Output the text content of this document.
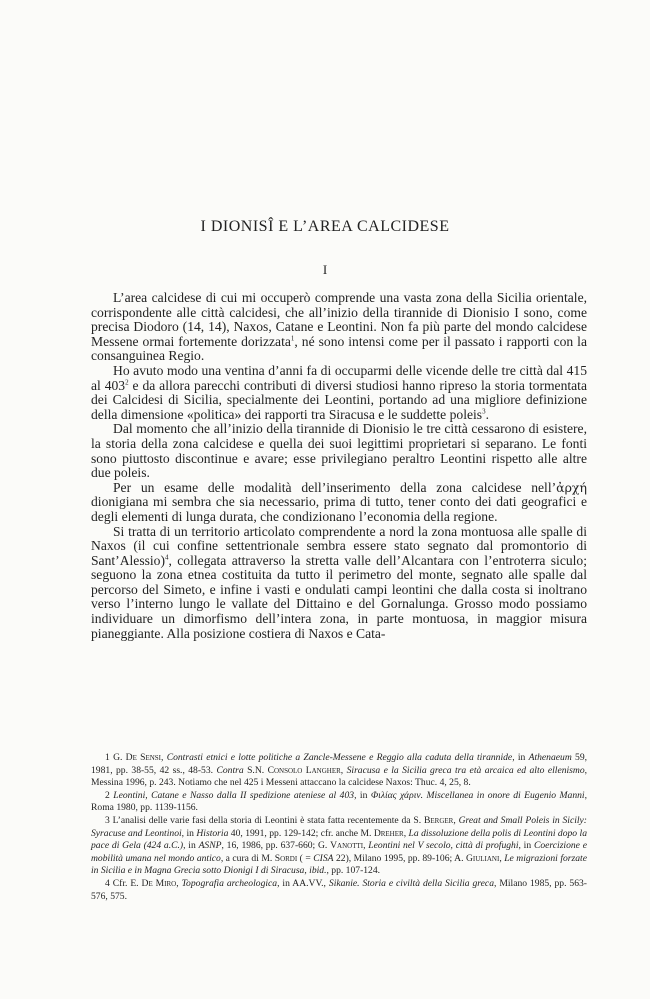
I DIONISÎ E L’AREA CALCIDESE
I

L’area calcidese di cui mi occuperò comprende una vasta zona della Sicilia orientale, corrispondente alle città calcidesi, che all’inizio della tirannide di Dionisio I sono, come precisa Diodoro (14, 14), Naxos, Catane e Leontini. Non fa più parte del mondo calcidese Messene ormai fortemente dorizzata$^1$, né sono intensi come per il passato i rapporti con la consanguinea Regio.

Ho avuto modo una ventina d’anni fa di occuparmi delle vicende delle tre città dal 415 al $403^2$ e da allora parecchi contributi di diversi studiosi hanno ripreso la storia tormentata dei Calcidesi di Sicilia, specialmente dei Leontini, portando ad una migliore definizione della dimensione «politica» dei rapporti tra Siracusa e le suddette poleis$^3$.

Dal momento che all’inizio della tirannide di Dionisio le tre città cessarono di esistere, la storia della zona calcidese e quella dei suoi legittimi proprietari si separano. Le fonti sono piuttosto discontinue e avare; esse privilegiano peraltro Leontini rispetto alle altre due poleis.

Per un esame delle modalità dell’inserimento della zona calcidese nell’ἀρχή dionigiana mi sembra che sia necessario, prima di tutto, tener conto dei dati geografici e degli elementi di lunga durata, che condizionano l’economia della regione.

Si tratta di un territorio articolato comprendente a nord la zona montuosa alle spalle di Naxos (il cui confine settentrionale sembra essere stato segnato dal promontorio di Sant’Alessio)$^4$, collegata attraverso la stretta valle dell’Alcantara con l’entroterra siculo; seguono la zona etnea costituita da tutto il perimetro del monte, segnato alle spalle dal percorso del Simeto, e infine i vasti e ondulati campi leontini che dalla costa si inoltrano verso l’interno lungo le vallate del Dittaino e del Gornalunga. Grosso modo possiamo individuare un dimorfismo dell’intera zona, in parte montuosa, in maggior misura pianeggiante. Alla posizione costiera di Naxos e Cata-

1 G. De Sensi, Contrasti etnici e lotte politiche a Zancle-Messene e Reggio alla caduta della tirannide, in Athenaeum 59, 1981, pp. 38-55, 42 ss., 48-53. Contra S.N. Consolo Langher, Siracusa e la Sicilia greca tra età arcaica ed alto ellenismo, Messina 1996, p. 243. Notiamo che nel 425 i Messeni attaccano la calcidese Naxos: Thuc. 4, 25, 8.

2 Leontini, Catane e Nasso dalla II spedizione ateniese al 403, in Φιλίας χάριν. Miscellanea in onore di Eugenio Manni, Roma 1980, pp. 1139-1156.

3 L’analisi delle varie fasi della storia di Leontini è stata fatta recentemente da S. Berger, Great and Small Poleis in Sicily: Syracuse and Leontinoi, in Historia 40, 1991, pp. 129-142; cfr. anche M. Dreher, La dissoluzione della polis di Leontini dopo la pace di Gela (424 a.C.), in ASNP, 16, 1986, pp. 637-660; G. Vanotti, Leontini nel V secolo, città di profughi, in Coercizione e mobilità umana nel mondo antico, a cura di M. Sordi ( = CISA 22), Milano 1995, pp. 89-106; A. Giuliani, Le migrazioni forzate in Sicilia e in Magna Grecia sotto Dionigi I di Siracusa, ibid., pp. 107-124.

4 Cfr. E. De Miro, Topografia archeologica, in AA.VV., Sikanie. Storia e civiltà della Sicilia greca, Milano 1985, pp. 563-576, 575.
